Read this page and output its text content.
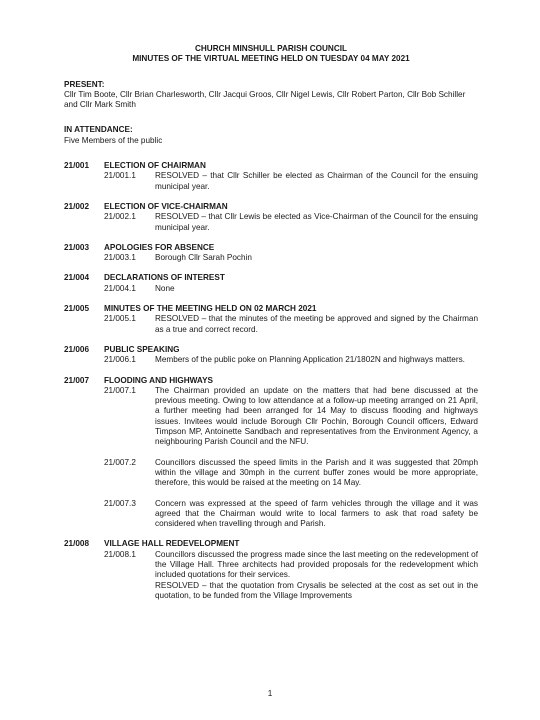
CHURCH MINSHULL PARISH COUNCIL
MINUTES OF THE VIRTUAL MEETING HELD ON TUESDAY 04 MAY 2021
PRESENT:
Cllr Tim Boote, Cllr Brian Charlesworth, Cllr Jacqui Groos, Cllr Nigel Lewis, Cllr Robert Parton, Cllr Bob Schiller and Cllr Mark Smith
IN ATTENDANCE:
Five Members of the public
21/001	ELECTION OF CHAIRMAN
21/001.1	RESOLVED – that Cllr Schiller be elected as Chairman of the Council for the ensuing municipal year.
21/002	ELECTION OF VICE-CHAIRMAN
21/002.1	RESOLVED – that Cllr Lewis be elected as Vice-Chairman of the Council for the ensuing municipal year.
21/003	APOLOGIES FOR ABSENCE
21/003.1	Borough Cllr Sarah Pochin
21/004	DECLARATIONS OF INTEREST
21/004.1	None
21/005	MINUTES OF THE MEETING HELD ON 02 MARCH 2021
21/005.1	RESOLVED – that the minutes of the meeting be approved and signed by the Chairman as a true and correct record.
21/006	PUBLIC SPEAKING
21/006.1	Members of the public poke on Planning Application 21/1802N and highways matters.
21/007	FLOODING AND HIGHWAYS
21/007.1	The Chairman provided an update on the matters that had bene discussed at the previous meeting. Owing to low attendance at a follow-up meeting arranged on 21 April, a further meeting had been arranged for 14 May to discuss flooding and highways issues. Invitees would include Borough Cllr Pochin, Borough Council officers, Edward Timpson MP, Antoinette Sandbach and representatives from the Environment Agency, a neighbouring Parish Council and the NFU.
21/007.2	Councillors discussed the speed limits in the Parish and it was suggested that 20mph within the village and 30mph in the current buffer zones would be more appropriate, therefore, this would be raised at the meeting on 14 May.
21/007.3	Concern was expressed at the speed of farm vehicles through the village and it was agreed that the Chairman would write to local farmers to ask that road safety be considered when travelling through and Parish.
21/008	VILLAGE HALL REDEVELOPMENT
21/008.1	Councillors discussed the progress made since the last meeting on the redevelopment of the Village Hall. Three architects had provided proposals for the redevelopment which included quotations for their services.
RESOLVED – that the quotation from Crysalis be selected at the cost as set out in the quotation, to be funded from the Village Improvements
1
